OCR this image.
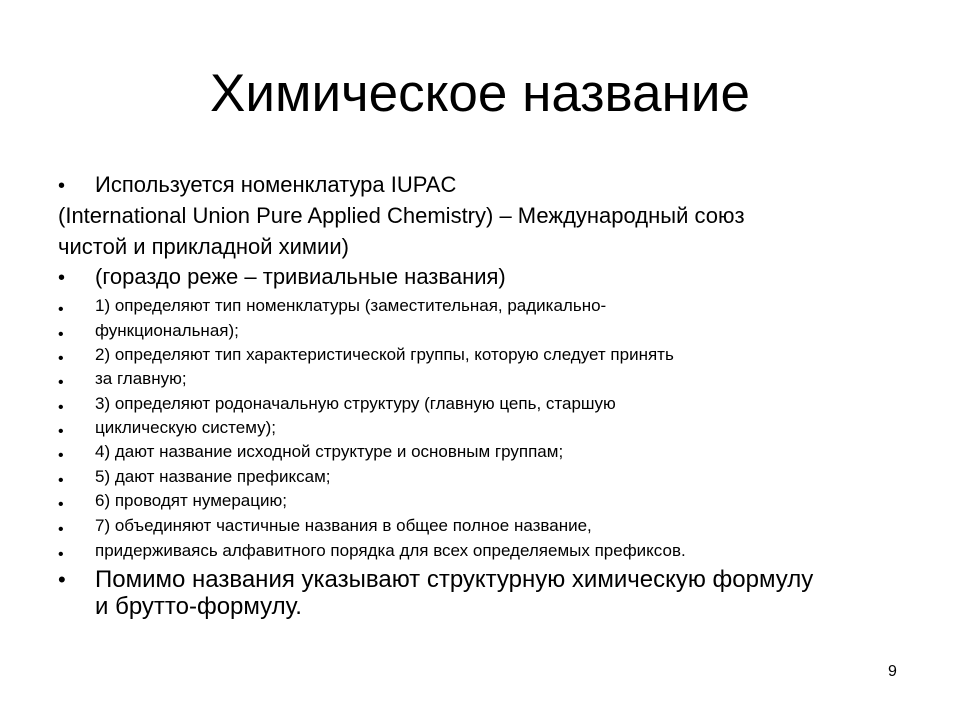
Химическое название
• Используется номенклатура IUPAC
(International Union Pure Applied Chemistry) – Международный союз
чистой и прикладной химии)
• (гораздо реже – тривиальные названия)
• 1) определяют тип номенклатуры (заместительная, радикально-
• функциональная);
• 2) определяют тип характеристической группы, которую следует принять
• за главную;
• 3) определяют родоначальную структуру (главную цепь, старшую
• циклическую систему);
• 4) дают название исходной структуре и основным группам;
• 5) дают название префиксам;
• 6) проводят нумерацию;
• 7) объединяют частичные названия в общее полное название,
• придерживаясь алфавитного порядка для всех определяемых префиксов.
• Помимо названия указывают структурную химическую формулу
и брутто-формулу.
9
